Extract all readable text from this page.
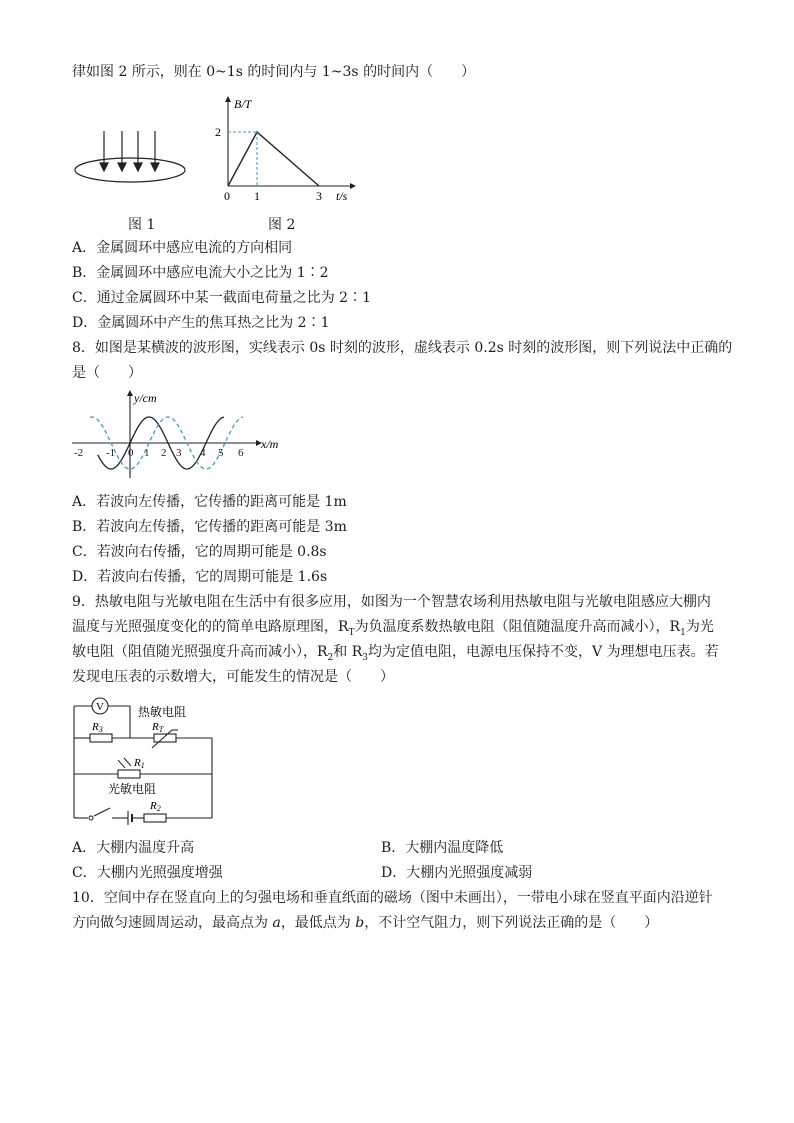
律如图 2 所示，则在 0~1s 的时间内与 1~3s 的时间内（　　）
图 1
B/T
t/s
2
0 1	3
图 2
A．金属圆环中感应电流的方向相同
B．金属圆环中感应电流大小之比为 1∶2
C．通过金属圆环中某一截面电荷量之比为 2∶1
D．金属圆环中产生的焦耳热之比为 2∶1
8．如图是某横波的波形图，实线表示 0s 时刻的波形，虚线表示 0.2s 时刻的波形图，则下列说法中正确的
是（　　）
y/cm
x/m
-2 -1 0 1 2 3 4 5 6
A．若波向左传播，它传播的距离可能是 1m
B．若波向左传播，它传播的距离可能是 3m
C．若波向右传播，它的周期可能是 0.8s
D．若波向右传播，它的周期可能是 1.6s
9．热敏电阻与光敏电阻在生活中有很多应用，如图为一个智慧农场利用热敏电阻与光敏电阻感应大棚内
温度与光照强度变化的的简单电路原理图，$R_T$为负温度系数热敏电阻（阻值随温度升高而减小），$R_1$为光
敏电阻（阻值随光照强度升高而减小），$R_2$和 $R_3$均为定值电阻，电源电压保持不变，V 为理想电压表。若
发现电压表的示数增大，可能发生的情况是（　　）
V	热敏电阻
R3	RT
R1
光敏电阻
R2
A．大棚内温度升高	B．大棚内温度降低
C．大棚内光照强度增强	D．大棚内光照强度减弱
10．空间中存在竖直向上的匀强电场和垂直纸面的磁场（图中未画出），一带电小球在竖直平面内沿逆针
方向做匀速圆周运动，最高点为 a，最低点为 b，不计空气阻力，则下列说法正确的是（　　）
